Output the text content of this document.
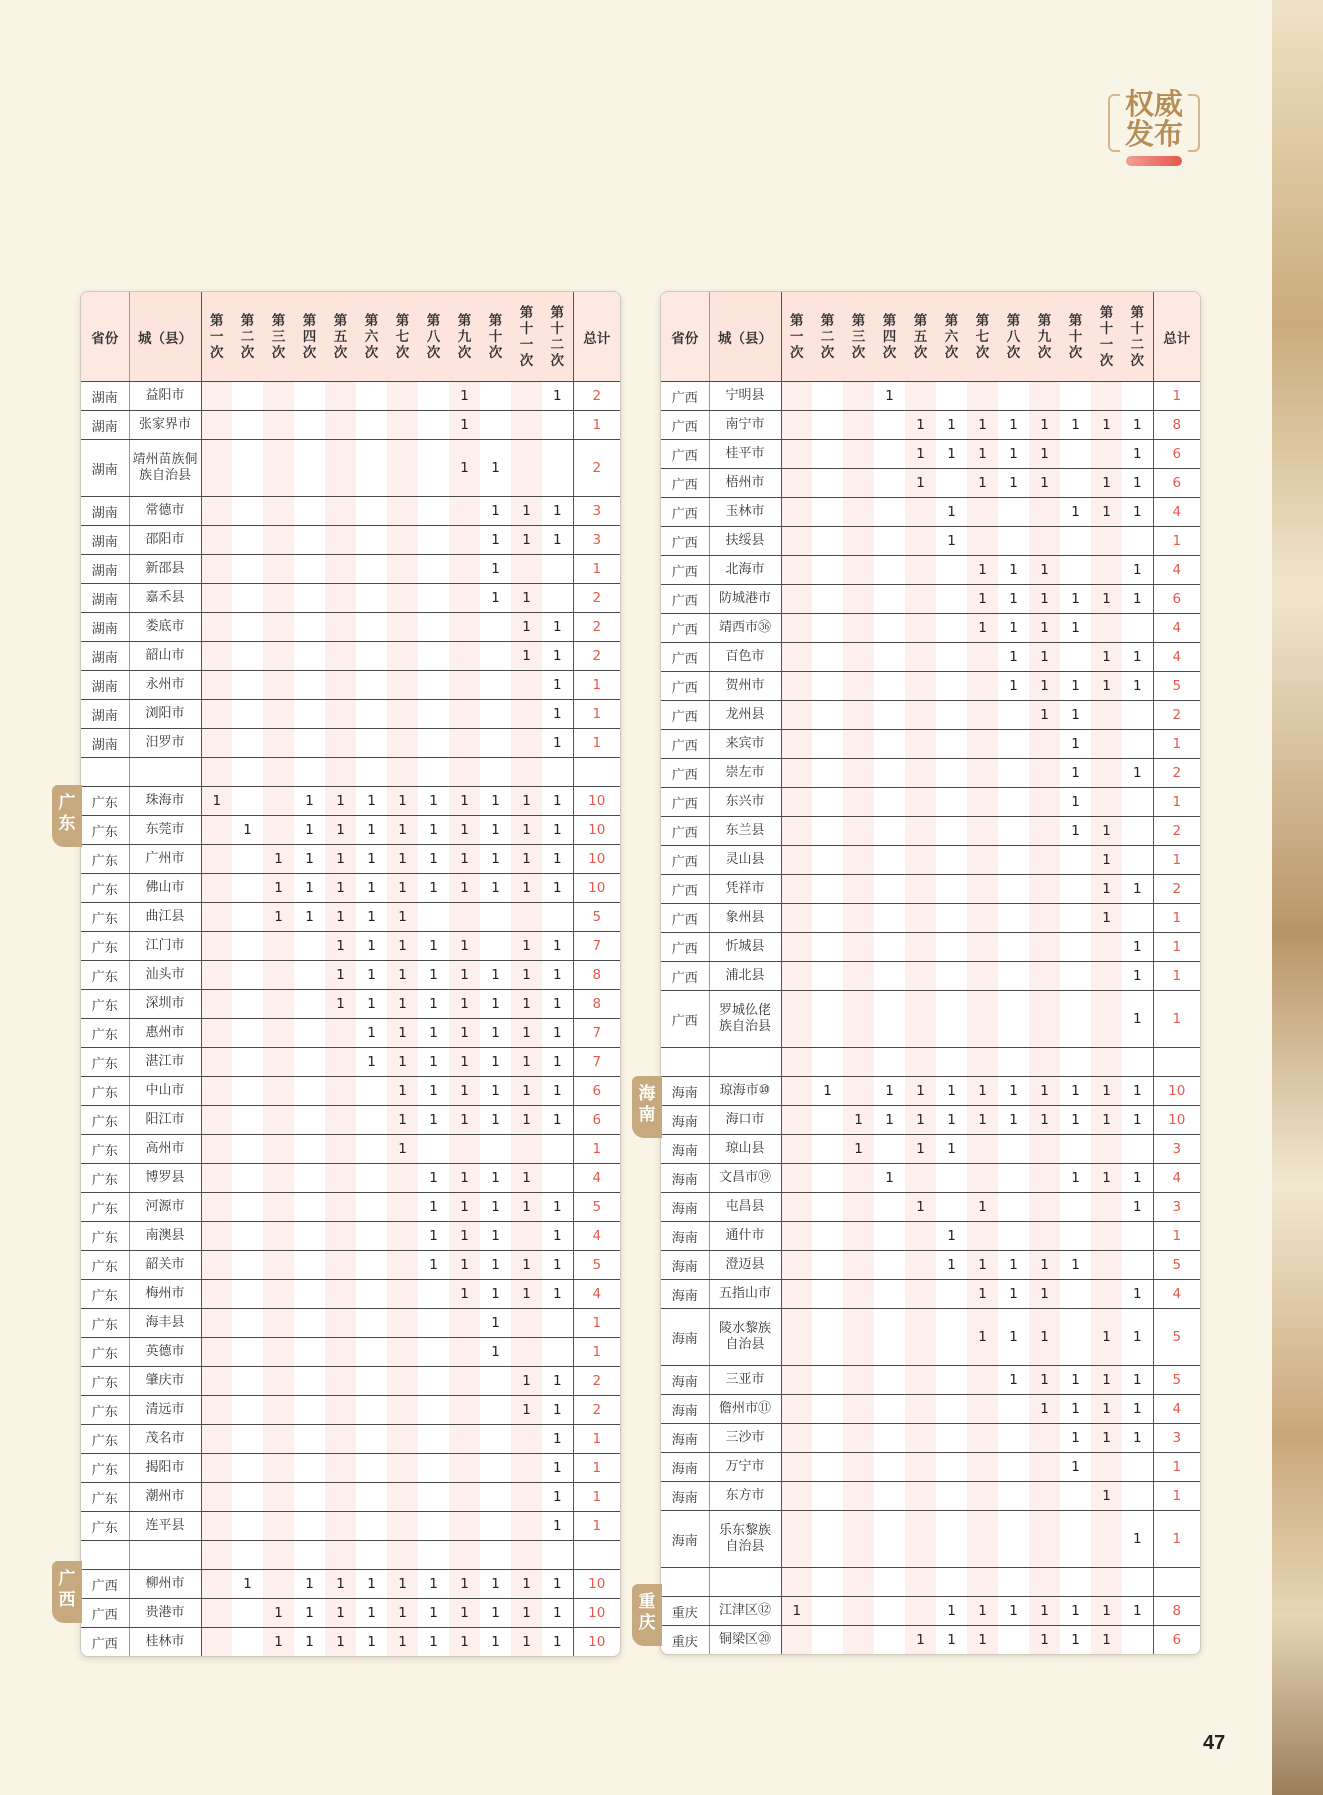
权威
发布
省份	城（县）	第
一
次	第
二
次	第
三
次	第
四
次	第
五
次	第
六
次	第
七
次	第
八
次	第
九
次	第
十
次	第
十
一
次	第
十
二
次	总计
湖南	益阳市									1			1	2
湖南	张家界市									1				1
湖南	靖州苗族侗
族自治县									1	1			2
湖南	常德市										1	1	1	3
湖南	邵阳市										1	1	1	3
湖南	新邵县										1			1
湖南	嘉禾县										1	1		2
湖南	娄底市											1	1	2
湖南	韶山市											1	1	2
湖南	永州市												1	1
湖南	浏阳市												1	1
湖南	汨罗市												1	1

广东	珠海市	1			1	1	1	1	1	1	1	1	1	10
广东	东莞市		1		1	1	1	1	1	1	1	1	1	10
广东	广州市			1	1	1	1	1	1	1	1	1	1	10
广东	佛山市			1	1	1	1	1	1	1	1	1	1	10
广东	曲江县			1	1	1	1	1						5
广东	江门市					1	1	1	1	1		1	1	7
广东	汕头市					1	1	1	1	1	1	1	1	8
广东	深圳市					1	1	1	1	1	1	1	1	8
广东	惠州市						1	1	1	1	1	1	1	7
广东	湛江市						1	1	1	1	1	1	1	7
广东	中山市							1	1	1	1	1	1	6
广东	阳江市							1	1	1	1	1	1	6
广东	高州市							1						1
广东	博罗县								1	1	1	1		4
广东	河源市								1	1	1	1	1	5
广东	南澳县								1	1	1		1	4
广东	韶关市								1	1	1	1	1	5
广东	梅州市									1	1	1	1	4
广东	海丰县										1			1
广东	英德市										1			1
广东	肇庆市											1	1	2
广东	清远市											1	1	2
广东	茂名市												1	1
广东	揭阳市												1	1
广东	潮州市												1	1
广东	连平县												1	1

广西	柳州市		1		1	1	1	1	1	1	1	1	1	10
广西	贵港市			1	1	1	1	1	1	1	1	1	1	10
广西	桂林市			1	1	1	1	1	1	1	1	1	1	10
省份	城（县）	第
一
次	第
二
次	第
三
次	第
四
次	第
五
次	第
六
次	第
七
次	第
八
次	第
九
次	第
十
次	第
十
一
次	第
十
二
次	总计
广西	宁明县				1									1
广西	南宁市					1	1	1	1	1	1	1	1	8
广西	桂平市					1	1	1	1	1			1	6
广西	梧州市					1		1	1	1		1	1	6
广西	玉林市						1				1	1	1	4
广西	扶绥县						1							1
广西	北海市							1	1	1			1	4
广西	防城港市							1	1	1	1	1	1	6
广西	靖西市㊱							1	1	1	1			4
广西	百色市								1	1		1	1	4
广西	贺州市								1	1	1	1	1	5
广西	龙州县									1	1			2
广西	来宾市										1			1
广西	崇左市										1		1	2
广西	东兴市										1			1
广西	东兰县										1	1		2
广西	灵山县											1		1
广西	凭祥市											1	1	2
广西	象州县											1		1
广西	忻城县												1	1
广西	浦北县												1	1
广西	罗城仫佬
族自治县												1	1

海南	琼海市⑩		1		1	1	1	1	1	1	1	1	1	10
海南	海口市			1	1	1	1	1	1	1	1	1	1	10
海南	琼山县			1		1	1							3
海南	文昌市⑲				1						1	1	1	4
海南	屯昌县					1		1					1	3
海南	通什市						1							1
海南	澄迈县						1	1	1	1	1			5
海南	五指山市							1	1	1			1	4
海南	陵水黎族
自治县							1	1	1		1	1	5
海南	三亚市								1	1	1	1	1	5
海南	儋州市⑪									1	1	1	1	4
海南	三沙市										1	1	1	3
海南	万宁市										1			1
海南	东方市											1		1
海南	乐东黎族
自治县												1	1

重庆	江津区⑫	1					1	1	1	1	1	1	1	8
重庆	铜梁区⑳					1	1	1		1	1	1		6
广
东
广
西
海
南
重
庆
47
